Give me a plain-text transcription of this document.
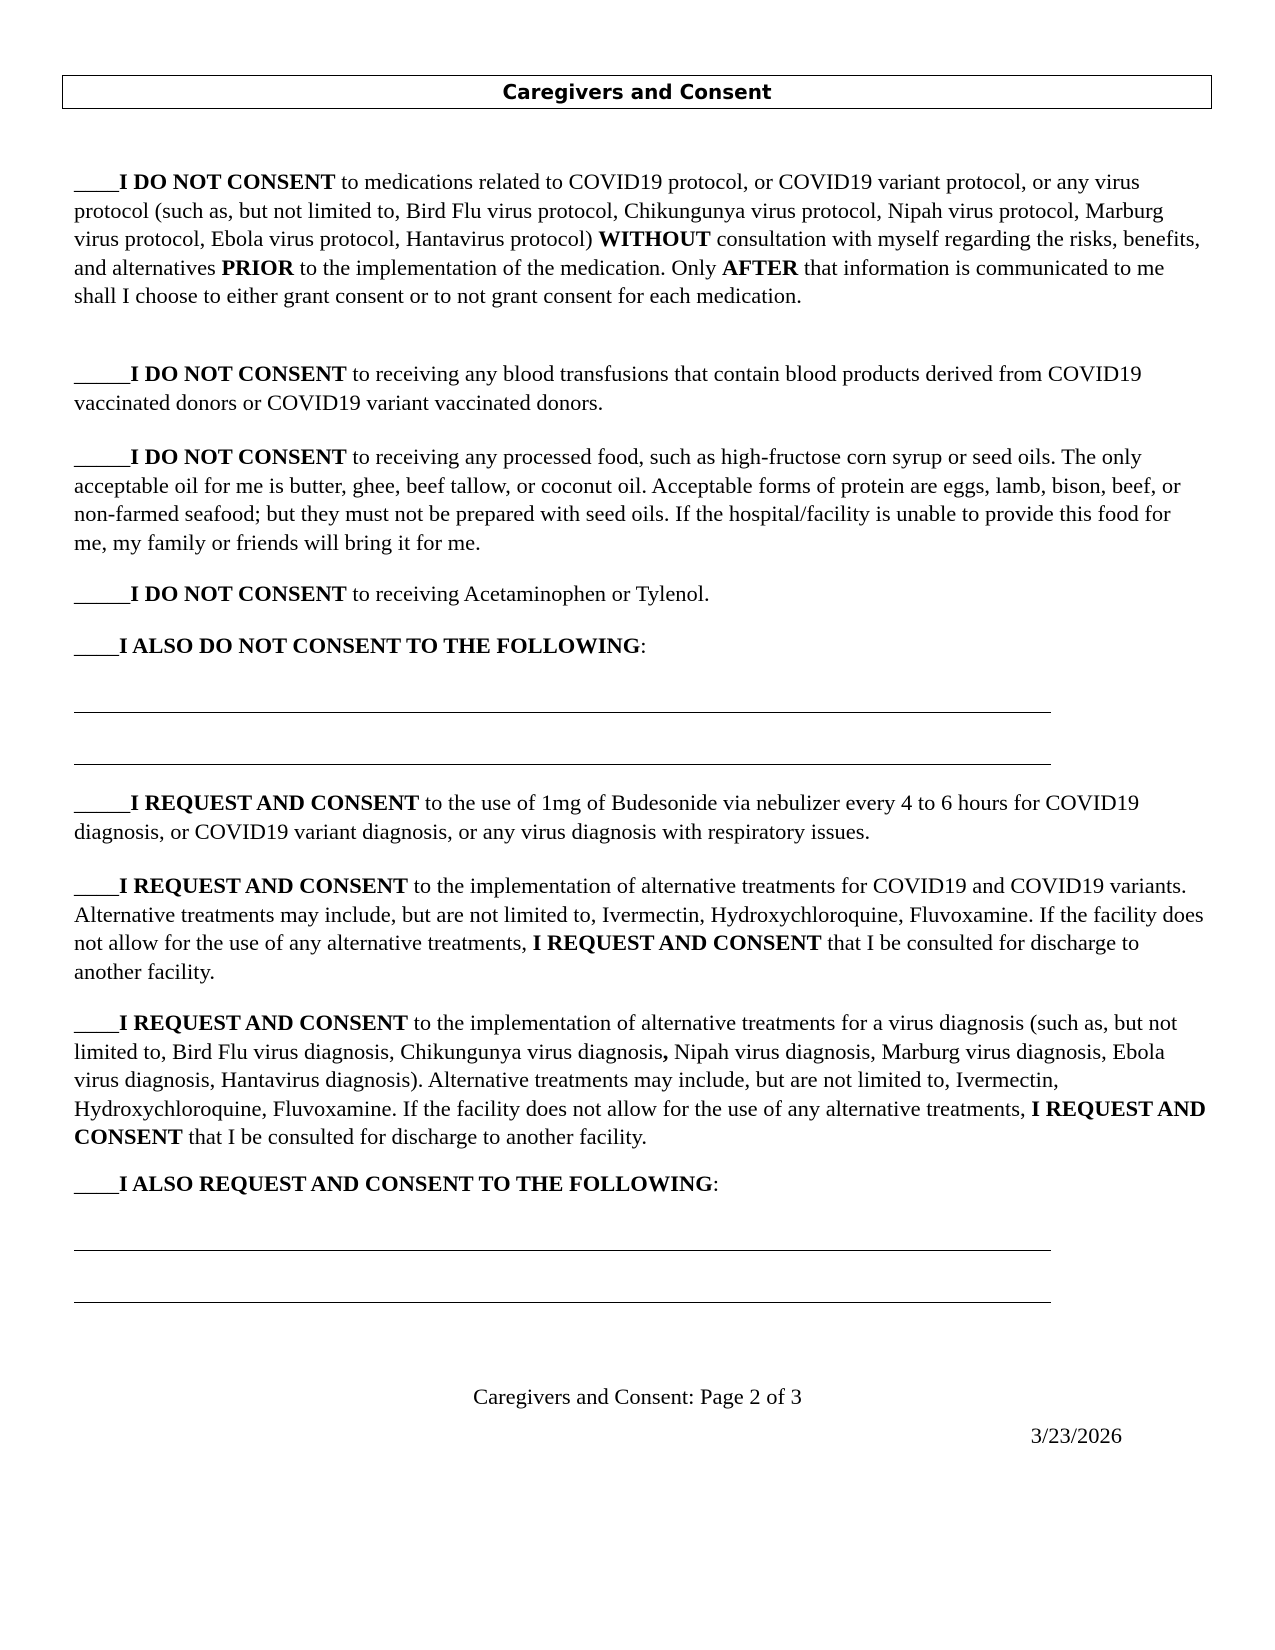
Caregivers and Consent

____I DO NOT CONSENT to medications related to COVID19 protocol, or COVID19 variant protocol, or any virus protocol (such as, but not limited to, Bird Flu virus protocol, Chikungunya virus protocol, Nipah virus protocol, Marburg virus protocol, Ebola virus protocol, Hantavirus protocol) WITHOUT consultation with myself regarding the risks, benefits, and alternatives PRIOR to the implementation of the medication. Only AFTER that information is communicated to me shall I choose to either grant consent or to not grant consent for each medication.

_____I DO NOT CONSENT to receiving any blood transfusions that contain blood products derived from COVID19 vaccinated donors or COVID19 variant vaccinated donors.

_____I DO NOT CONSENT to receiving any processed food, such as high-fructose corn syrup or seed oils. The only acceptable oil for me is butter, ghee, beef tallow, or coconut oil. Acceptable forms of protein are eggs, lamb, bison, beef, or non-farmed seafood; but they must not be prepared with seed oils. If the hospital/facility is unable to provide this food for me, my family or friends will bring it for me.

_____I DO NOT CONSENT to receiving Acetaminophen or Tylenol.

____I ALSO DO NOT CONSENT TO THE FOLLOWING:

_____I REQUEST AND CONSENT to the use of 1mg of Budesonide via nebulizer every 4 to 6 hours for COVID19 diagnosis, or COVID19 variant diagnosis, or any virus diagnosis with respiratory issues.

____I REQUEST AND CONSENT to the implementation of alternative treatments for COVID19 and COVID19 variants. Alternative treatments may include, but are not limited to, Ivermectin, Hydroxychloroquine, Fluvoxamine. If the facility does not allow for the use of any alternative treatments, I REQUEST AND CONSENT that I be consulted for discharge to another facility.

____I REQUEST AND CONSENT to the implementation of alternative treatments for a virus diagnosis (such as, but not limited to, Bird Flu virus diagnosis, Chikungunya virus diagnosis, Nipah virus diagnosis, Marburg virus diagnosis, Ebola virus diagnosis, Hantavirus diagnosis). Alternative treatments may include, but are not limited to, Ivermectin, Hydroxychloroquine, Fluvoxamine. If the facility does not allow for the use of any alternative treatments, I REQUEST AND CONSENT that I be consulted for discharge to another facility.

____I ALSO REQUEST AND CONSENT TO THE FOLLOWING:

Caregivers and Consent: Page 2 of 3
3/23/2026
